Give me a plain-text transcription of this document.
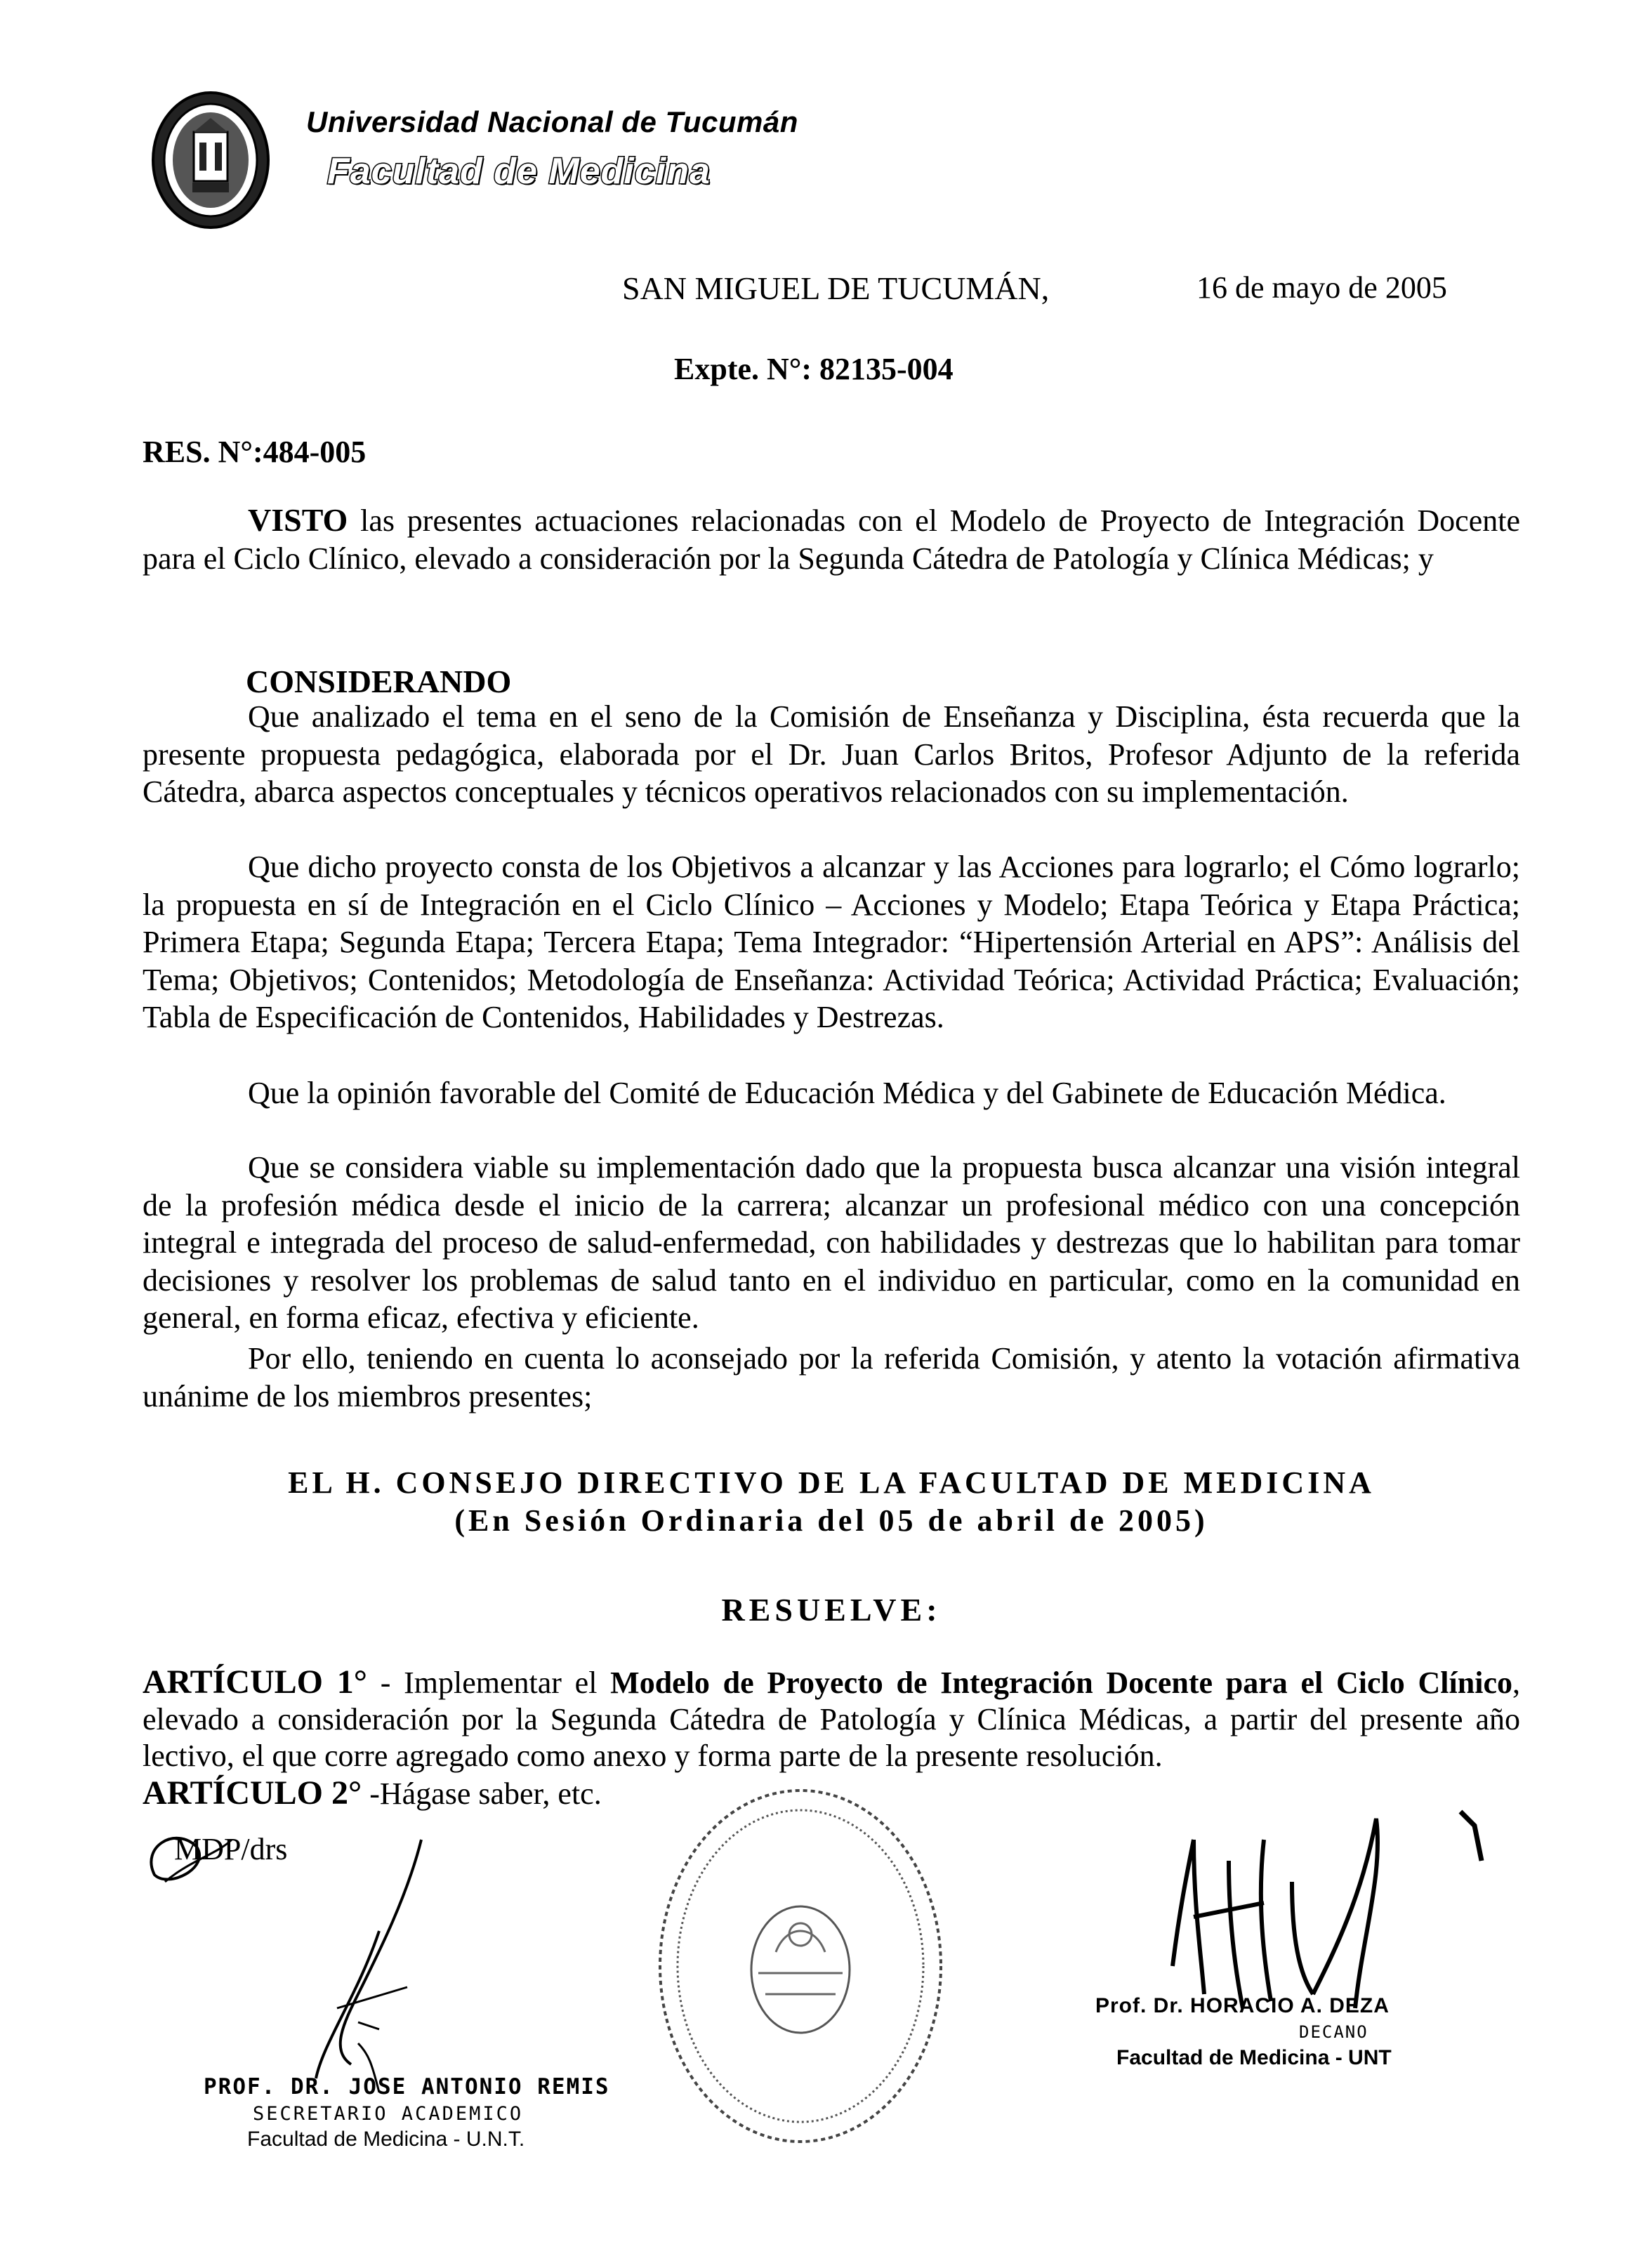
Universidad Nacional de Tucumán
Facultad de Medicina
SAN MIGUEL DE TUCUMÁN,	16 de mayo de 2005
Expte. N°: 82135-004
RES. N°:484-005

VISTO las presentes actuaciones relacionadas con el Modelo de Proyecto de Integración Docente para el Ciclo Clínico, elevado a consideración por la Segunda Cátedra de Patología y Clínica Médicas; y

CONSIDERANDO

Que analizado el tema en el seno de la Comisión de Enseñanza y Disciplina, ésta recuerda que la presente propuesta pedagógica, elaborada por el Dr. Juan Carlos Britos, Profesor Adjunto de la referida Cátedra, abarca aspectos conceptuales y técnicos operativos relacionados con su implementación.

Que dicho proyecto consta de los Objetivos a alcanzar y las Acciones para lograrlo; el Cómo lograrlo; la propuesta en sí de Integración en el Ciclo Clínico – Acciones y Modelo; Etapa Teórica y Etapa Práctica; Primera Etapa; Segunda Etapa; Tercera Etapa; Tema Integrador: “Hipertensión Arterial en APS”: Análisis del Tema; Objetivos; Contenidos; Metodología de Enseñanza: Actividad Teórica; Actividad Práctica; Evaluación; Tabla de Especificación de Contenidos, Habilidades y Destrezas.

Que la opinión favorable del Comité de Educación Médica y del Gabinete de Educación Médica.

Que se considera viable su implementación dado que la propuesta busca alcanzar una visión integral de la profesión médica desde el inicio de la carrera; alcanzar un profesional médico con una concepción integral e integrada del proceso de salud-enfermedad, con habilidades y destrezas que lo habilitan para tomar decisiones y resolver los problemas de salud tanto en el individuo en particular, como en la comunidad en general, en forma eficaz, efectiva y eficiente.

Por ello, teniendo en cuenta lo aconsejado por la referida Comisión, y atento la votación afirmativa unánime de los miembros presentes;

EL H. CONSEJO DIRECTIVO DE LA FACULTAD DE MEDICINA
(En Sesión Ordinaria del 05 de abril de 2005)
RESUELVE:

ARTÍCULO 1° - Implementar el Modelo de Proyecto de Integración Docente para el Ciclo Clínico, elevado a consideración por la Segunda Cátedra de Patología y Clínica Médicas, a partir del presente año lectivo, el que corre agregado como anexo y forma parte de la presente resolución.

ARTÍCULO 2° -Hágase saber, etc.

MDP/drs
PROF. DR. JOSE ANTONIO REMIS
SECRETARIO ACADEMICO
Facultad de Medicina - U.N.T.
Prof. Dr. HORACIO A. DEZA
DECANO
Facultad de Medicina - UNT
